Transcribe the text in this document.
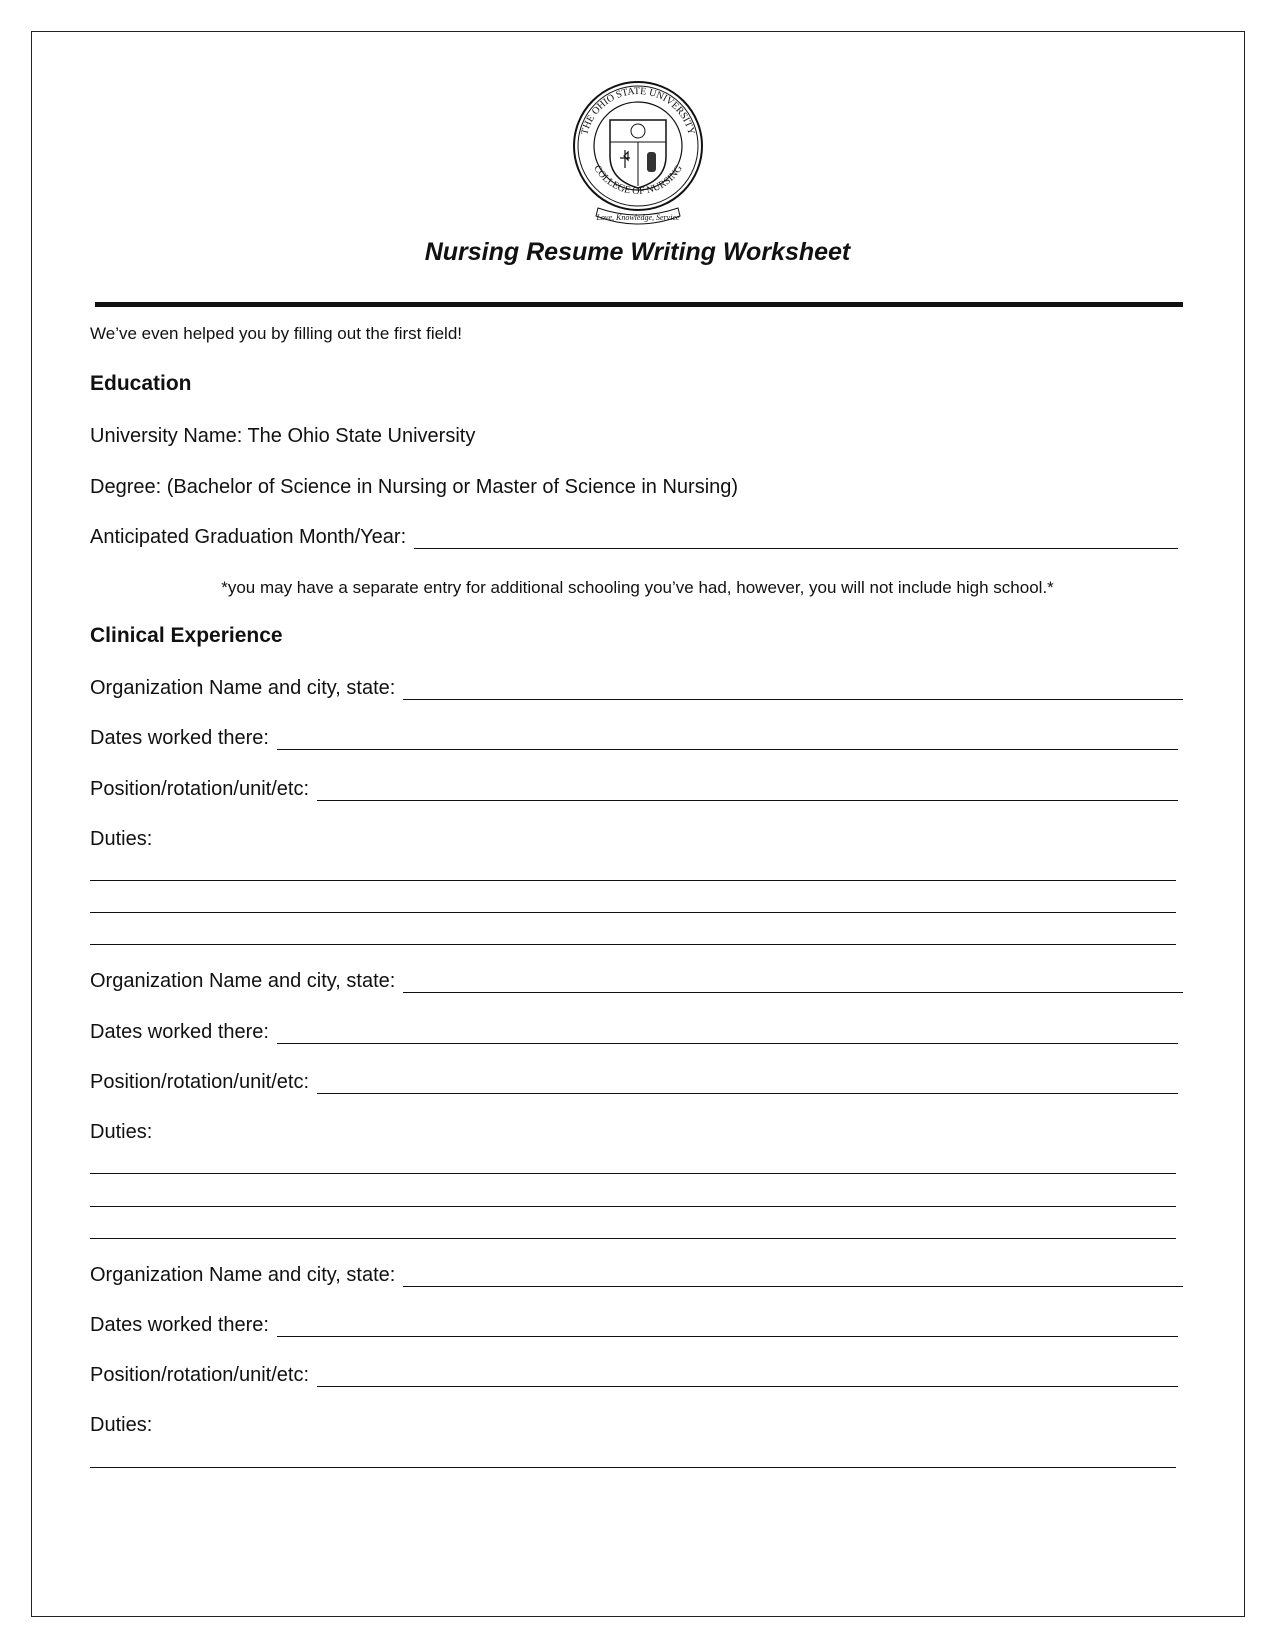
THE OHIO STATE UNIVERSITY
COLLEGE OF NURSING
Love, Knowledge, Service
Nursing Resume Writing Worksheet
We’ve even helped you by filling out the first field!
Education
University Name: The Ohio State University
Degree: (Bachelor of Science in Nursing or Master of Science in Nursing)
Anticipated Graduation Month/Year:
*you may have a separate entry for additional schooling you’ve had, however, you will not include high school.*
Clinical Experience
Organization Name and city, state:
Dates worked there:
Position/rotation/unit/etc:
Duties:
Organization Name and city, state:
Dates worked there:
Position/rotation/unit/etc:
Duties:
Organization Name and city, state:
Dates worked there:
Position/rotation/unit/etc:
Duties:
